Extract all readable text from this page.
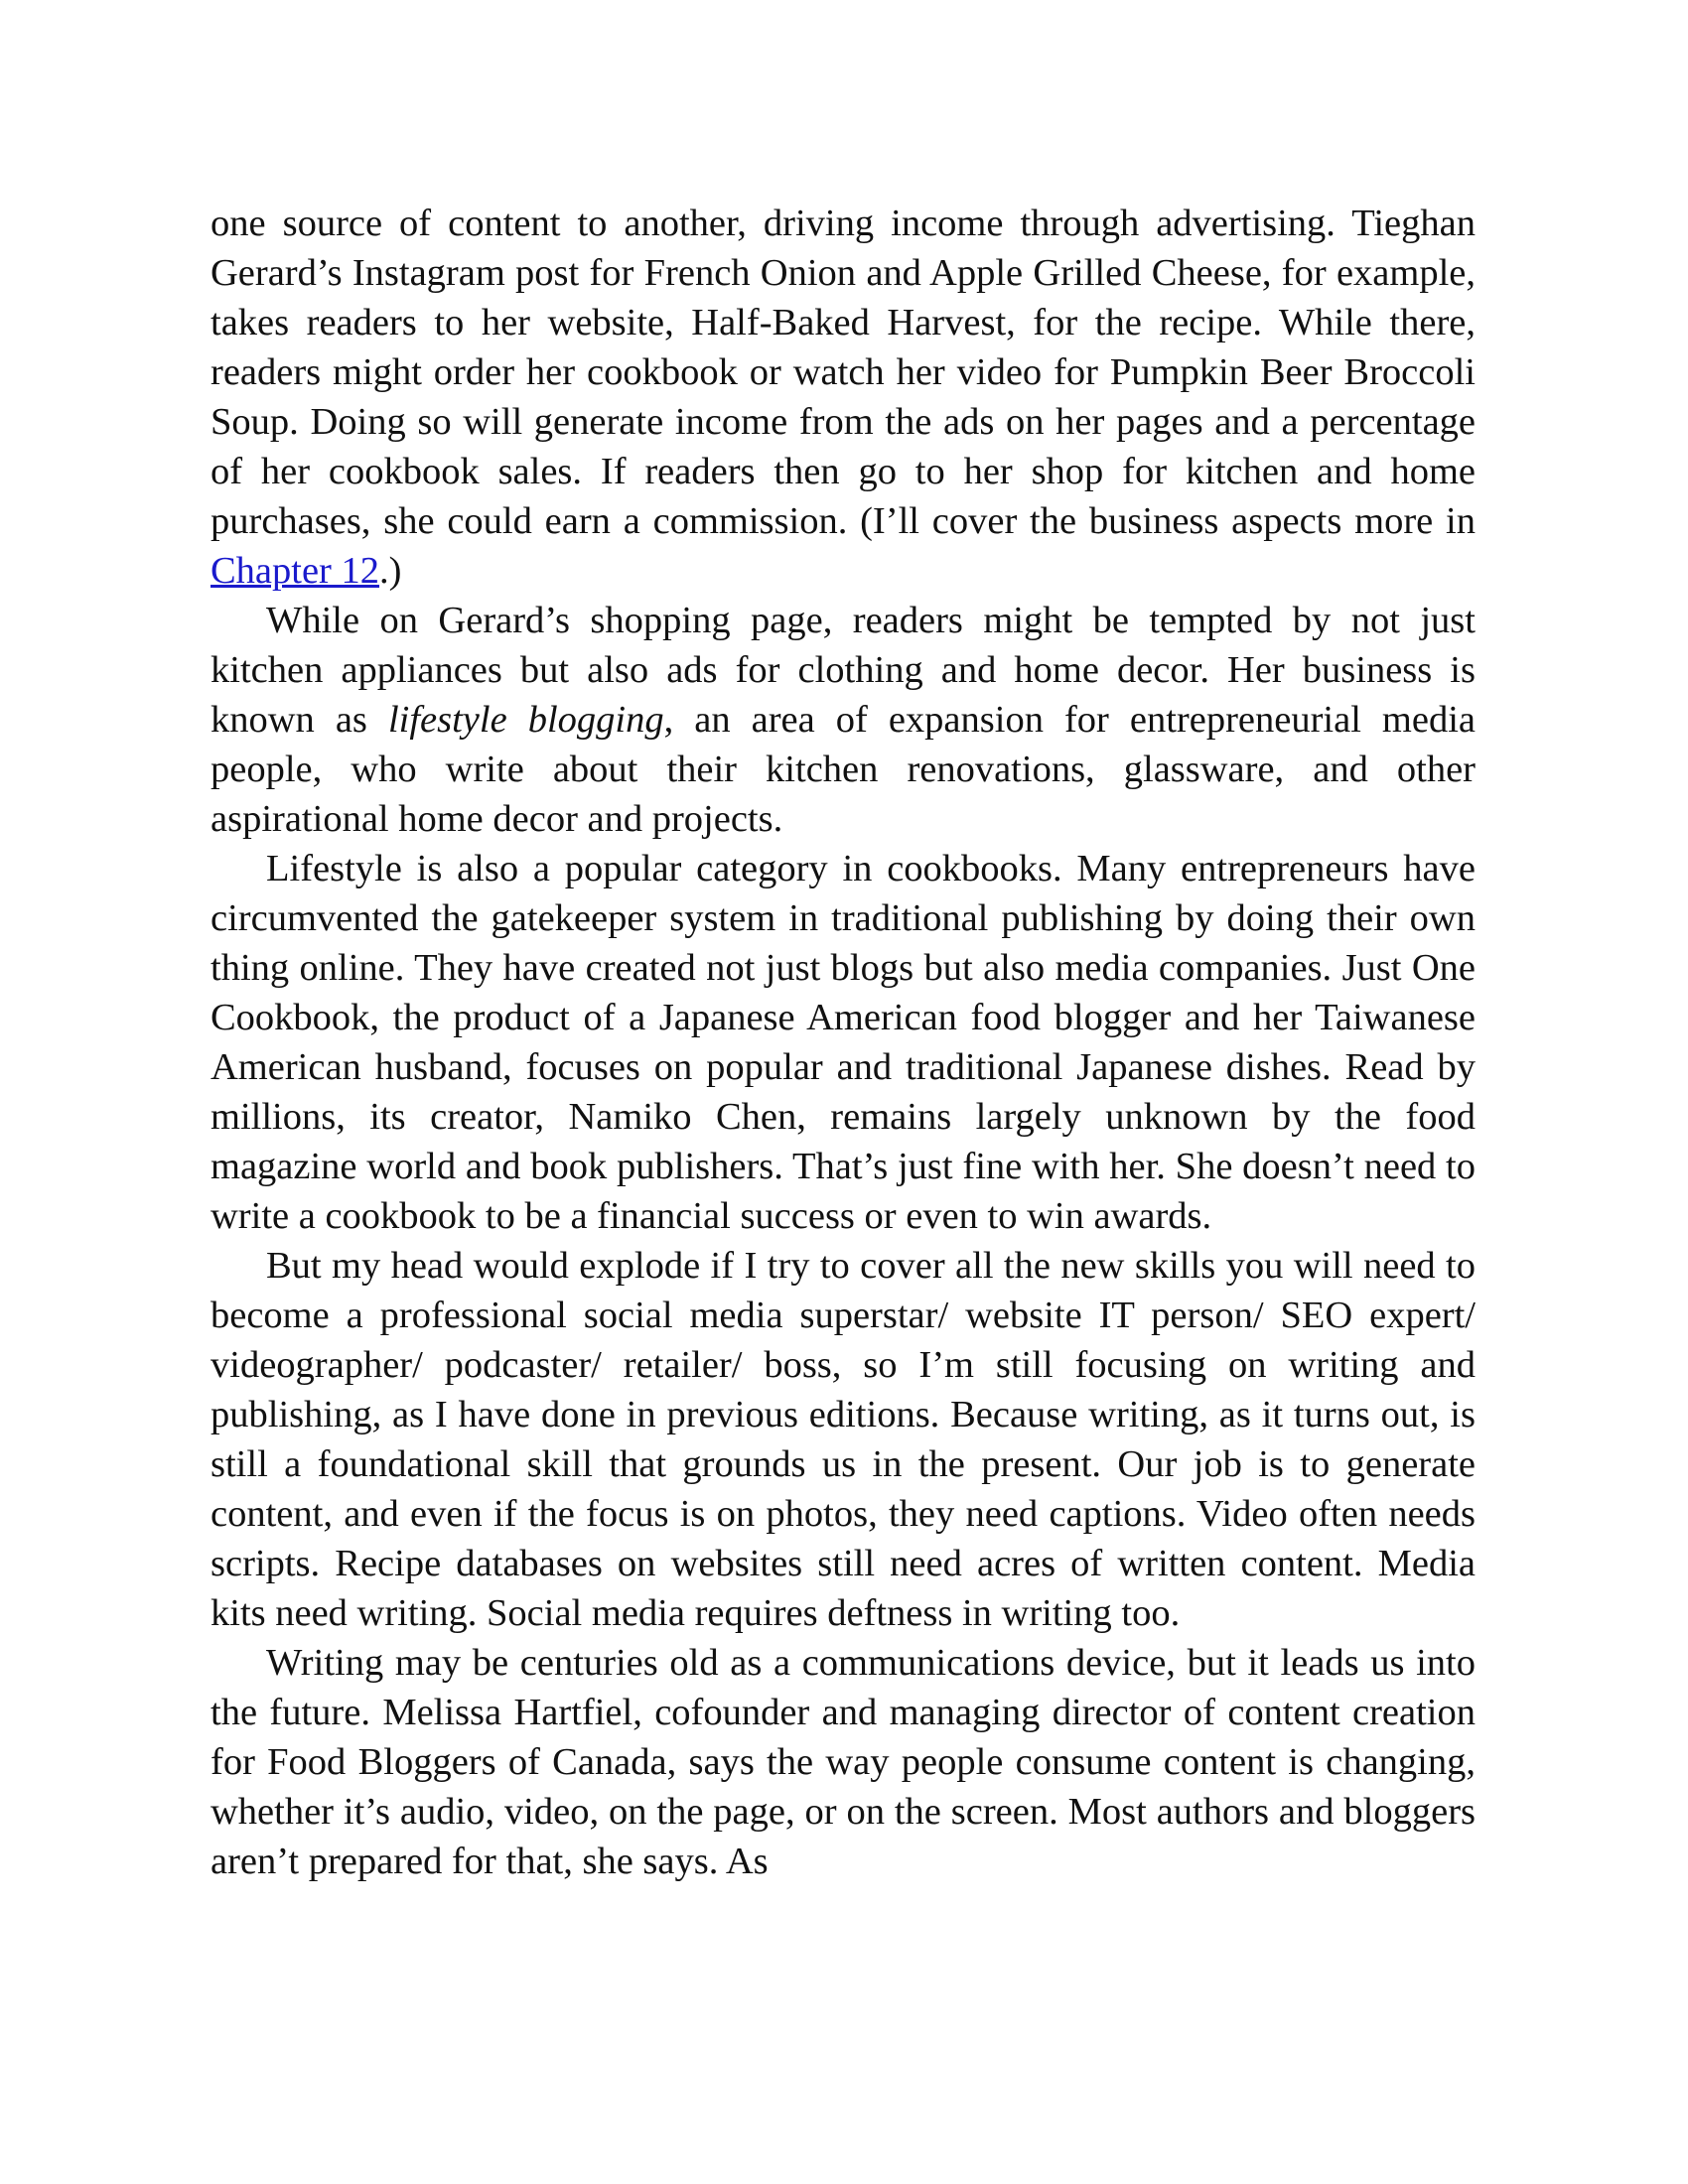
one source of content to another, driving income through advertising. Tieghan Gerard’s Instagram post for French Onion and Apple Grilled Cheese, for example, takes readers to her website, Half-Baked Harvest, for the recipe. While there, readers might order her cookbook or watch her video for Pumpkin Beer Broccoli Soup. Doing so will generate income from the ads on her pages and a percentage of her cookbook sales. If readers then go to her shop for kitchen and home purchases, she could earn a commission. (I’ll cover the business aspects more in Chapter 12.)

While on Gerard’s shopping page, readers might be tempted by not just kitchen appliances but also ads for clothing and home decor. Her business is known as lifestyle blogging, an area of expansion for entrepreneurial media people, who write about their kitchen renovations, glassware, and other aspirational home decor and projects.

Lifestyle is also a popular category in cookbooks. Many entrepreneurs have circumvented the gatekeeper system in traditional publishing by doing their own thing online. They have created not just blogs but also media companies. Just One Cookbook, the product of a Japanese American food blogger and her Taiwanese American husband, focuses on popular and traditional Japanese dishes. Read by millions, its creator, Namiko Chen, remains largely unknown by the food magazine world and book publishers. That’s just fine with her. She doesn’t need to write a cookbook to be a financial success or even to win awards.

But my head would explode if I try to cover all the new skills you will need to become a professional social media superstar/ website IT person/ SEO expert/ videographer/ podcaster/ retailer/ boss, so I’m still focusing on writing and publishing, as I have done in previous editions. Because writing, as it turns out, is still a foundational skill that grounds us in the present. Our job is to generate content, and even if the focus is on photos, they need captions. Video often needs scripts. Recipe databases on websites still need acres of written content. Media kits need writing. Social media requires deftness in writing too.

Writing may be centuries old as a communications device, but it leads us into the future. Melissa Hartfiel, cofounder and managing director of content creation for Food Bloggers of Canada, says the way people consume content is changing, whether it’s audio, video, on the page, or on the screen. Most authors and bloggers aren’t prepared for that, she says. As
